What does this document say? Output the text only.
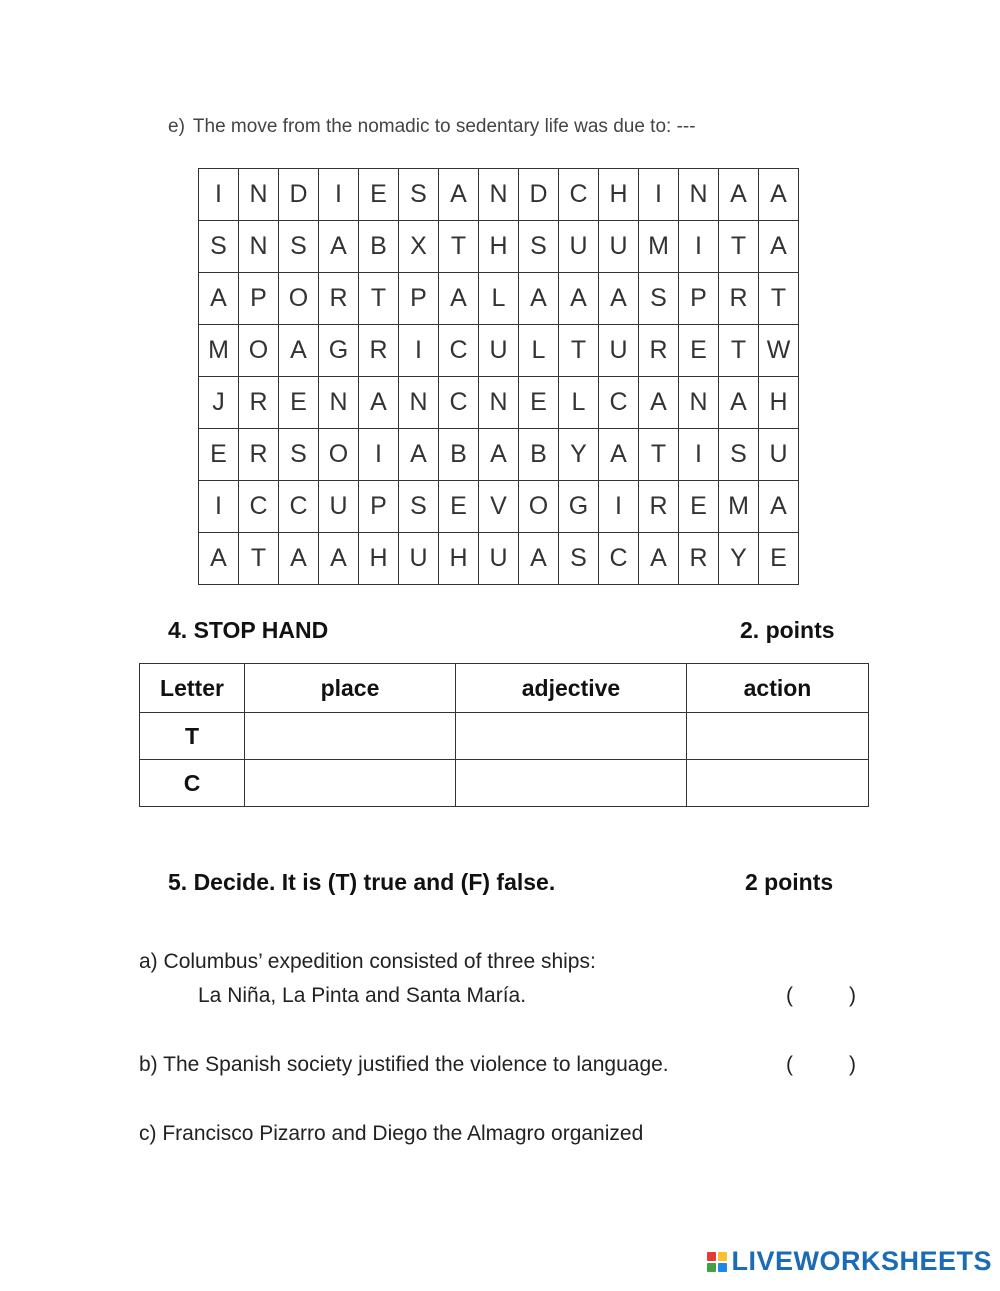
e) The move from the nomadic to sedentary life was due to: ---
I	N	D	I	E	S	A	N	D	C	H	I	N	A	A
S	N	S	A	B	X	T	H	S	U	U	M	I	T	A
A	P	O	R	T	P	A	L	A	A	A	S	P	R	T
M	O	A	G	R	I	C	U	L	T	U	R	E	T	W
J	R	E	N	A	N	C	N	E	L	C	A	N	A	H
E	R	S	O	I	A	B	A	B	Y	A	T	I	S	U
I	C	C	U	P	S	E	V	O	G	I	R	E	M	A
A	T	A	A	H	U	H	U	A	S	C	A	R	Y	E
4. STOP HAND	2. points
Letter	place	adjective	action
T			
C			
5. Decide. It is (T) true and (F) false.	2 points
a) Columbus’ expedition consisted of three ships:
La Niña, La Pinta and Santa María.	(	)
b) The Spanish society justified the violence to language.	(	)
c) Francisco Pizarro and Diego the Almagro organized
LIVEWORKSHEETS
